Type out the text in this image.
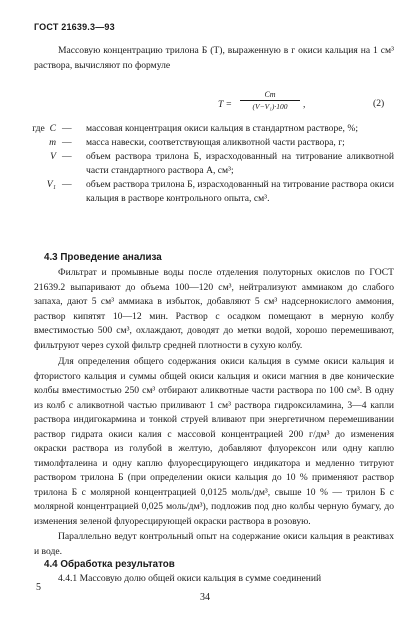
ГОСТ 21639.3—93
Массовую концентрацию трилона Б (T), выраженную в г окиси кальция на 1 см³ раствора, вычисляют по формуле
$T = \frac{Cm}{\text{(V−V₁)·100}}$ ,	(2)
где C — массовая концентрация окиси кальция в стандартном растворе, %;
m — масса навески, соответствующая аликвотной части раствора, г;
V — объем раствора трилона Б, израсходованный на титрование аликвотной части стандартного раствора А, см³;
V₁ — объем раствора трилона Б, израсходованный на титрование раствора окиси кальция в растворе контрольного опыта, см³.
4.3 Проведение анализа
Фильтрат и промывные воды после отделения полуторных окислов по ГОСТ 21639.2 выпаривают до объема 100—120 см³, нейтрализуют аммиаком до слабого запаха, дают 5 см³ аммиака в избыток, добавляют 5 см³ надсернокислого аммония, раствор кипятят 10—12 мин. Раствор с осадком помещают в мерную колбу вместимостью 500 см³, охлаждают, доводят до метки водой, хорошо перемешивают, фильтруют через сухой фильтр средней плотности в сухую колбу.
Для определения общего содержания окиси кальция в сумме окиси кальция и фтористого кальция и суммы общей окиси кальция и окиси магния в две конические колбы вместимостью 250 см³ отбирают аликвотные части раствора по 100 см³. В одну из колб с аликвотной частью приливают 1 см³ раствора гидроксиламина, 3—4 капли раствора индигокармина и тонкой струей вливают при энергетичном перемешивании раствор гидрата окиси калия с массовой концентрацией 200 г/дм³ до изменения окраски раствора из голубой в желтую, добавляют флуорексон или одну каплю тимолфталеина и одну каплю флуоресцирующего индикатора и медленно титруют раствором трилона Б (при определении окиси кальция до 10 % применяют раствор трилона Б с молярной концентрацией 0,0125 моль/дм³, свыше 10 % — трилон Б с молярной концентрацией 0,025 моль/дм³), подложив под дно колбы черную бумагу, до изменения зеленой флуоресцирующей окраски раствора в розовую.
Параллельно ведут контрольный опыт на содержание окиси кальция в реактивах и воде.
4.4 Обработка результатов
4.4.1 Массовую долю общей окиси кальция в сумме соединений
5
34
